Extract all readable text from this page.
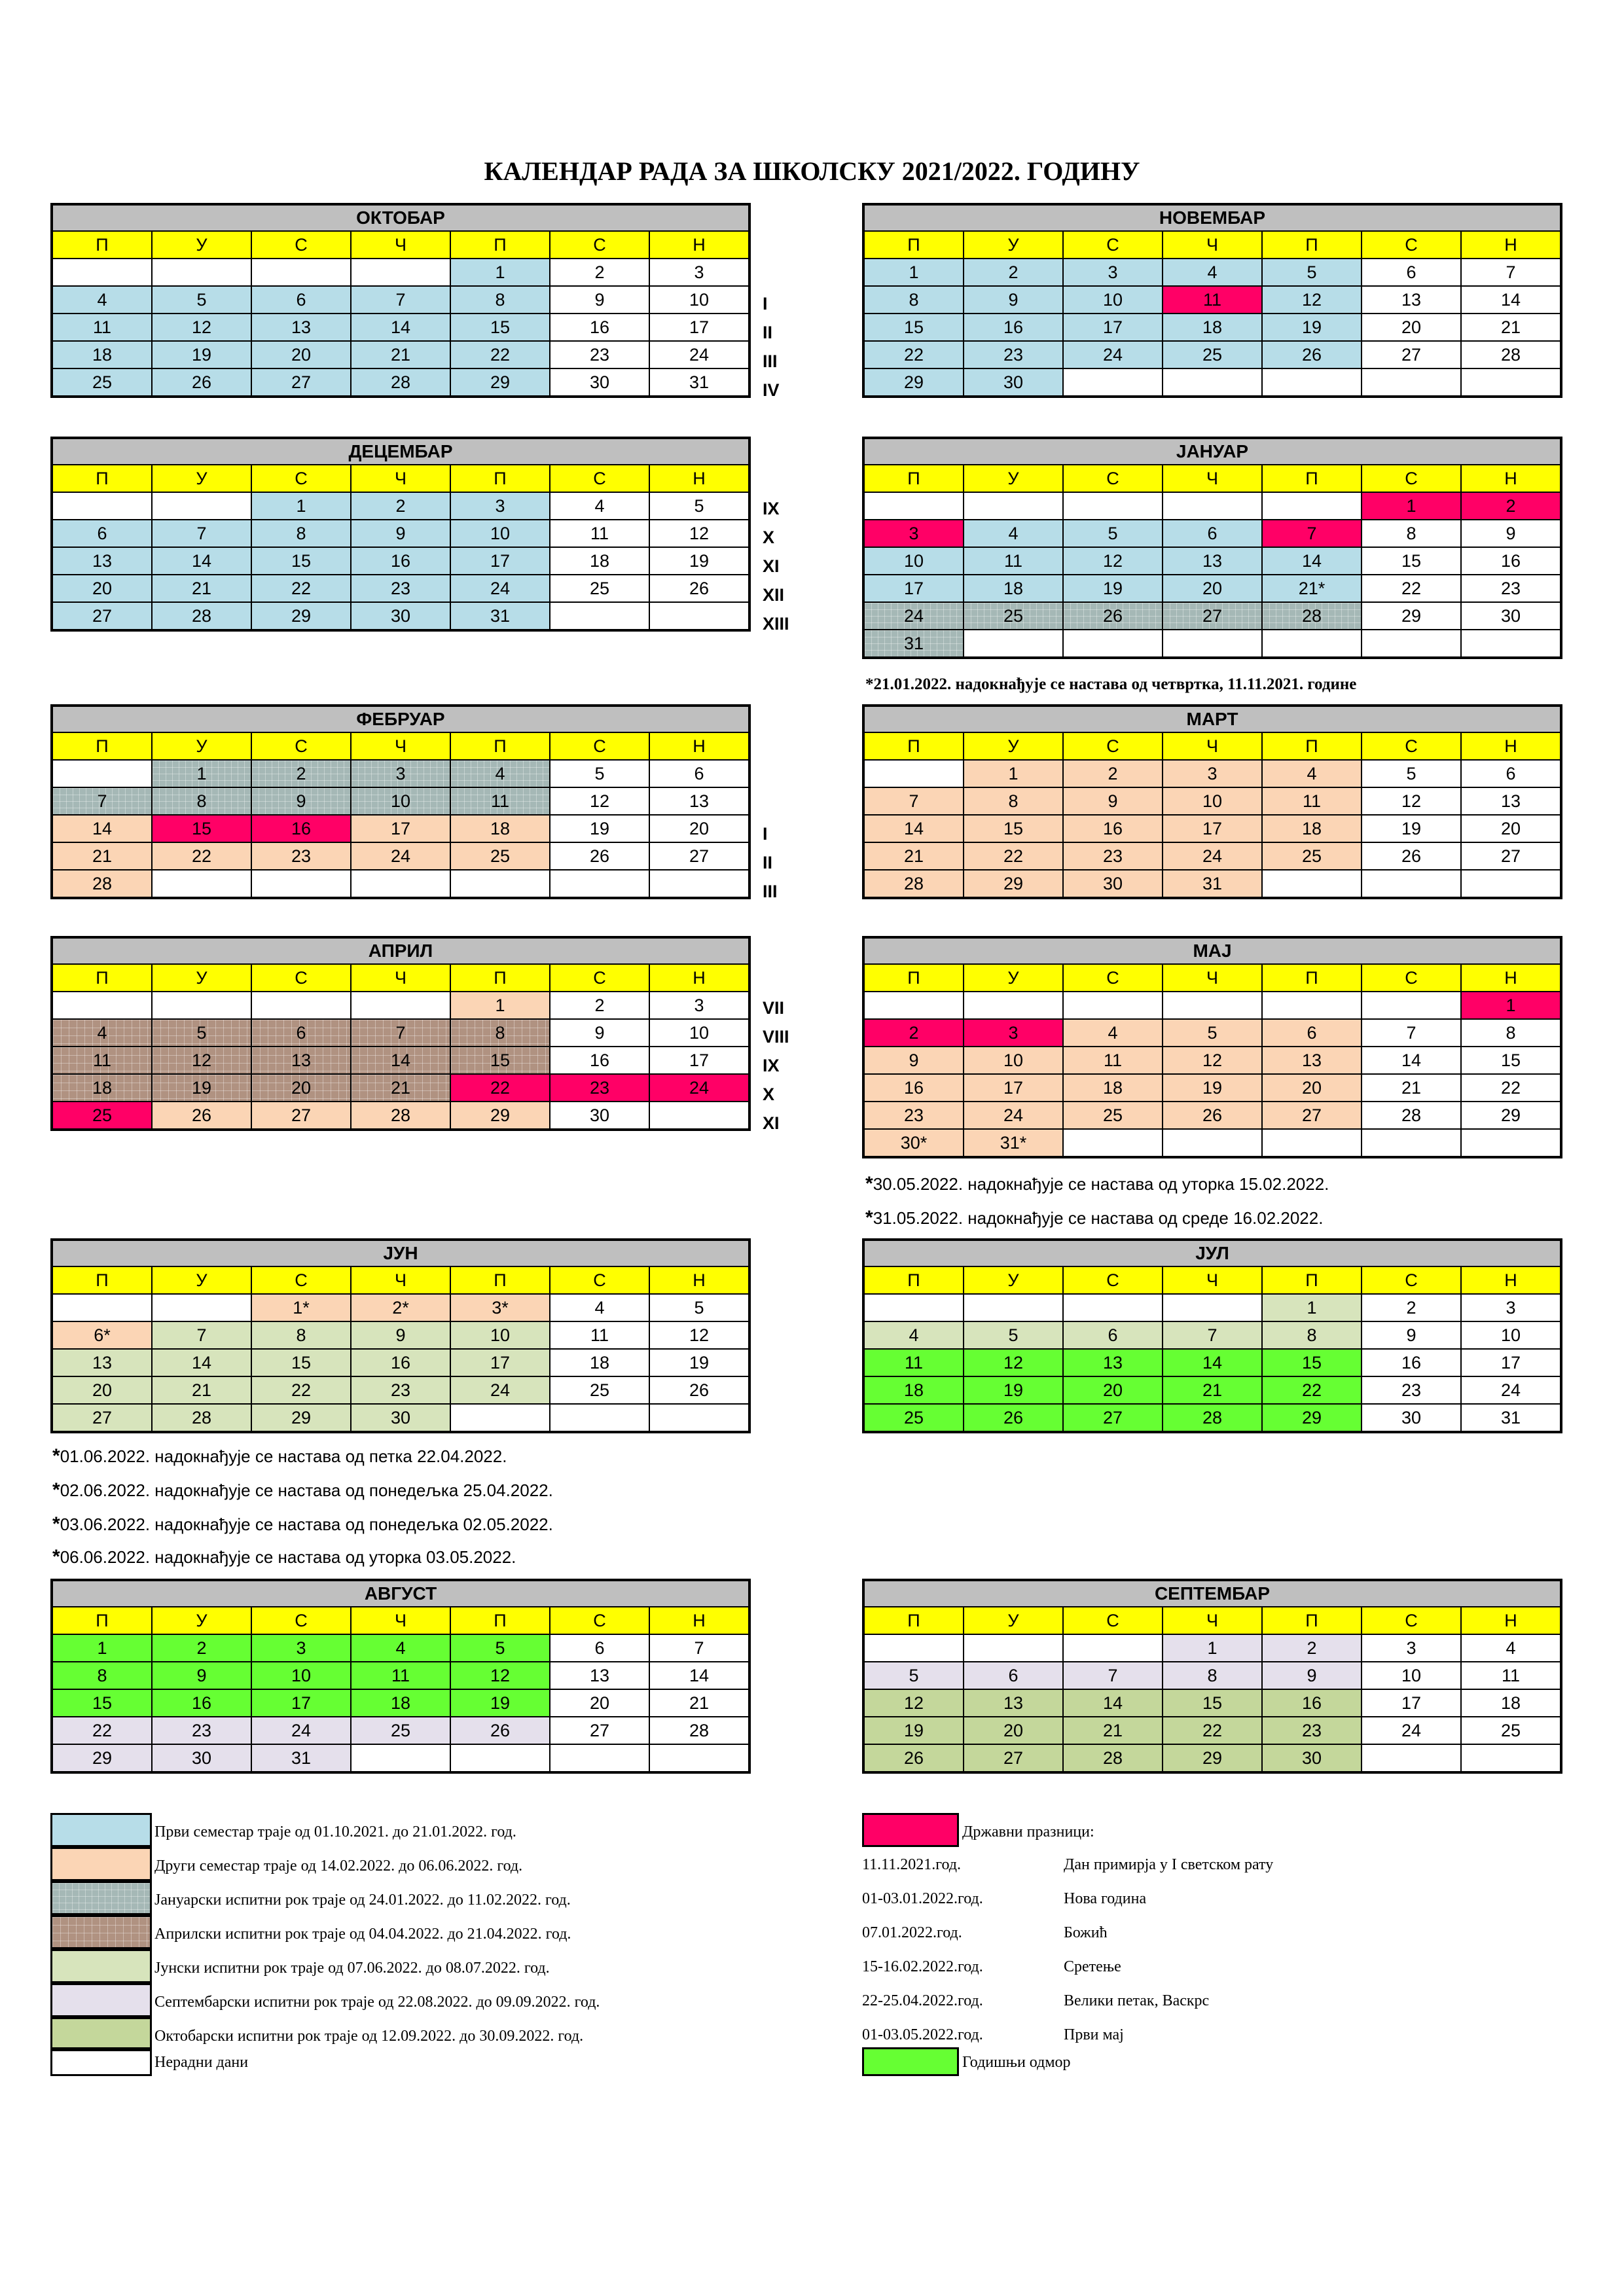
КАЛЕНДАР РАДА ЗА ШКОЛСКУ 2021/2022. ГОДИНУ
ОКТОБАР						
П	У	С	Ч	П	С	Н
				1	2	3
4	5	6	7	8	9	10
11	12	13	14	15	16	17
18	19	20	21	22	23	24
25	26	27	28	29	30	31
I
II
III
IV
НОВЕМБАР						
П	У	С	Ч	П	С	Н
1	2	3	4	5	6	7
8	9	10	11	12	13	14
15	16	17	18	19	20	21
22	23	24	25	26	27	28
29	30					
ДЕЦЕМБАР						
П	У	С	Ч	П	С	Н
		1	2	3	4	5
6	7	8	9	10	11	12
13	14	15	16	17	18	19
20	21	22	23	24	25	26
27	28	29	30	31		
IX
X
XI
XII
XIII
ЈАНУАР						
П	У	С	Ч	П	С	Н
					1	2
3	4	5	6	7	8	9
10	11	12	13	14	15	16
17	18	19	20	21*	22	23
24	25	26	27	28	29	30
31						
ФЕБРУАР						
П	У	С	Ч	П	С	Н
	1	2	3	4	5	6
7	8	9	10	11	12	13
14	15	16	17	18	19	20
21	22	23	24	25	26	27
28						
I
II
III
МАРТ						
П	У	С	Ч	П	С	Н
	1	2	3	4	5	6
7	8	9	10	11	12	13
14	15	16	17	18	19	20
21	22	23	24	25	26	27
28	29	30	31			
АПРИЛ						
П	У	С	Ч	П	С	Н
				1	2	3
4	5	6	7	8	9	10
11	12	13	14	15	16	17
18	19	20	21	22	23	24
25	26	27	28	29	30	
VII
VIII
IX
X
XI
МАЈ						
П	У	С	Ч	П	С	Н
						1
2	3	4	5	6	7	8
9	10	11	12	13	14	15
16	17	18	19	20	21	22
23	24	25	26	27	28	29
30*	31*					
ЈУН						
П	У	С	Ч	П	С	Н
		1*	2*	3*	4	5
6*	7	8	9	10	11	12
13	14	15	16	17	18	19
20	21	22	23	24	25	26
27	28	29	30			
ЈУЛ						
П	У	С	Ч	П	С	Н
				1	2	3
4	5	6	7	8	9	10
11	12	13	14	15	16	17
18	19	20	21	22	23	24
25	26	27	28	29	30	31
АВГУСТ						
П	У	С	Ч	П	С	Н
1	2	3	4	5	6	7
8	9	10	11	12	13	14
15	16	17	18	19	20	21
22	23	24	25	26	27	28
29	30	31				
СЕПТЕМБАР						
П	У	С	Ч	П	С	Н
			1	2	3	4
5	6	7	8	9	10	11
12	13	14	15	16	17	18
19	20	21	22	23	24	25
26	27	28	29	30		
*21.01.2022. надокнађује се настава од четвртка, 11.11.2021. године
*30.05.2022. надокнађује се настава од уторка 15.02.2022.
*31.05.2022. надокнађује се настава од среде 16.02.2022.
*01.06.2022. надокнађује се настава од петка 22.04.2022.
*02.06.2022. надокнађује се настава од понедељка 25.04.2022.
*03.06.2022. надокнађује се настава од понедељка 02.05.2022.
*06.06.2022. надокнађује се настава од уторка 03.05.2022.
Први семестар траје од 01.10.2021. до 21.01.2022. год.
Други семестар траје од 14.02.2022. до 06.06.2022. год.
Јануарски испитни рок траје од 24.01.2022. до 11.02.2022. год.
Априлски испитни рок траје од 04.04.2022. до 21.04.2022. год.
Јунски испитни рок траје од 07.06.2022. до 08.07.2022. год.
Септембарски испитни рок траје од 22.08.2022. до 09.09.2022. год.
Октобарски испитни рок траје од 12.09.2022. до 30.09.2022. год.
Нерадни дани
Државни празници:
11.11.2021.год.	Дан примирја у I светском рату
01-03.01.2022.год.	Нова година
07.01.2022.год.	Божић
15-16.02.2022.год.	Сретење
22-25.04.2022.год.	Велики петак, Васкрс
01-03.05.2022.год.	Први мај
Годишњи одмор
